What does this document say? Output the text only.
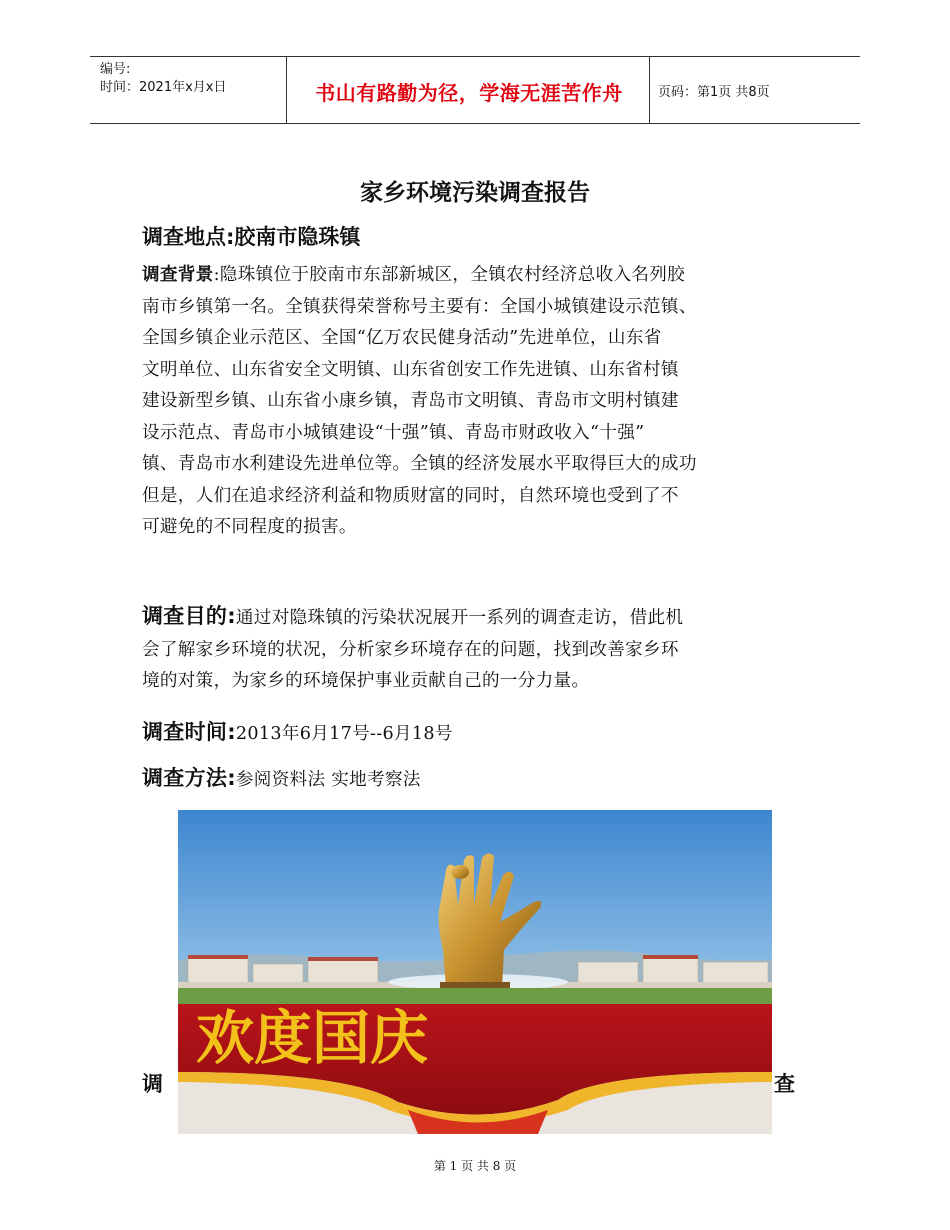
编号:
时间：2021年x月x日	书山有路勤为径，学海无涯苦作舟	页码：第1页 共8页
家乡环境污染调查报告
调查地点:胶南市隐珠镇
调查背景:隐珠镇位于胶南市东部新城区，全镇农村经济总收入名列胶
南市乡镇第一名。全镇获得荣誉称号主要有：全国小城镇建设示范镇、
全国乡镇企业示范区、全国“亿万农民健身活动”先进单位，山东省
文明单位、山东省安全文明镇、山东省创安工作先进镇、山东省村镇
建设新型乡镇、山东省小康乡镇，青岛市文明镇、青岛市文明村镇建
设示范点、青岛市小城镇建设“十强”镇、青岛市财政收入“十强”
镇、青岛市水利建设先进单位等。全镇的经济发展水平取得巨大的成功
但是，人们在追求经济利益和物质财富的同时，自然环境也受到了不
可避免的不同程度的损害。
调查目的:通过对隐珠镇的污染状况展开一系列的调查走访，借此机
会了解家乡环境的状况，分析家乡环境存在的问题，找到改善家乡环
境的对策，为家乡的环境保护事业贡献自己的一分力量。
调查时间:2013年6月17号--6月18号
调查方法:参阅资料法 实地考察法
欢度国庆
调	查
第 1 页 共 8 页
